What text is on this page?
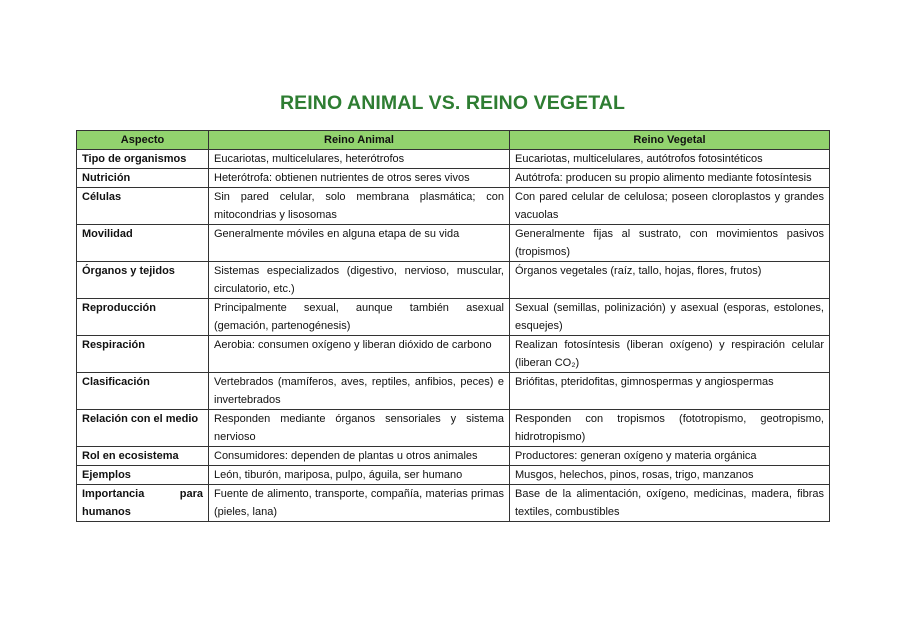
REINO ANIMAL VS. REINO VEGETAL
Aspecto	Reino Animal	Reino Vegetal
Tipo de organismos	Eucariotas, multicelulares, heterótrofos	Eucariotas, multicelulares, autótrofos fotosintéticos
Nutrición	Heterótrofa: obtienen nutrientes de otros seres vivos	Autótrofa: producen su propio alimento mediante fotosíntesis
Células	Sin pared celular, solo membrana plasmática; con mitocondrias y lisosomas	Con pared celular de celulosa; poseen cloroplastos y grandes vacuolas
Movilidad	Generalmente móviles en alguna etapa de su vida	Generalmente fijas al sustrato, con movimientos pasivos (tropismos)
Órganos y tejidos	Sistemas especializados (digestivo, nervioso, muscular, circulatorio, etc.)	Órganos vegetales (raíz, tallo, hojas, flores, frutos)
Reproducción	Principalmente sexual, aunque también asexual (gemación, partenogénesis)	Sexual (semillas, polinización) y asexual (esporas, estolones, esquejes)
Respiración	Aerobia: consumen oxígeno y liberan dióxido de carbono	Realizan fotosíntesis (liberan oxígeno) y respiración celular (liberan CO₂)
Clasificación	Vertebrados (mamíferos, aves, reptiles, anfibios, peces) e invertebrados	Briófitas, pteridofitas, gimnospermas y angiospermas
Relación con el medio	Responden mediante órganos sensoriales y sistema nervioso	Responden con tropismos (fototropismo, geotropismo, hidrotropismo)
Rol en ecosistema	Consumidores: dependen de plantas u otros animales	Productores: generan oxígeno y materia orgánica
Ejemplos	León, tiburón, mariposa, pulpo, águila, ser humano	Musgos, helechos, pinos, rosas, trigo, manzanos
Importancia para humanos	Fuente de alimento, transporte, compañía, materias primas (pieles, lana)	Base de la alimentación, oxígeno, medicinas, madera, fibras textiles, combustibles
